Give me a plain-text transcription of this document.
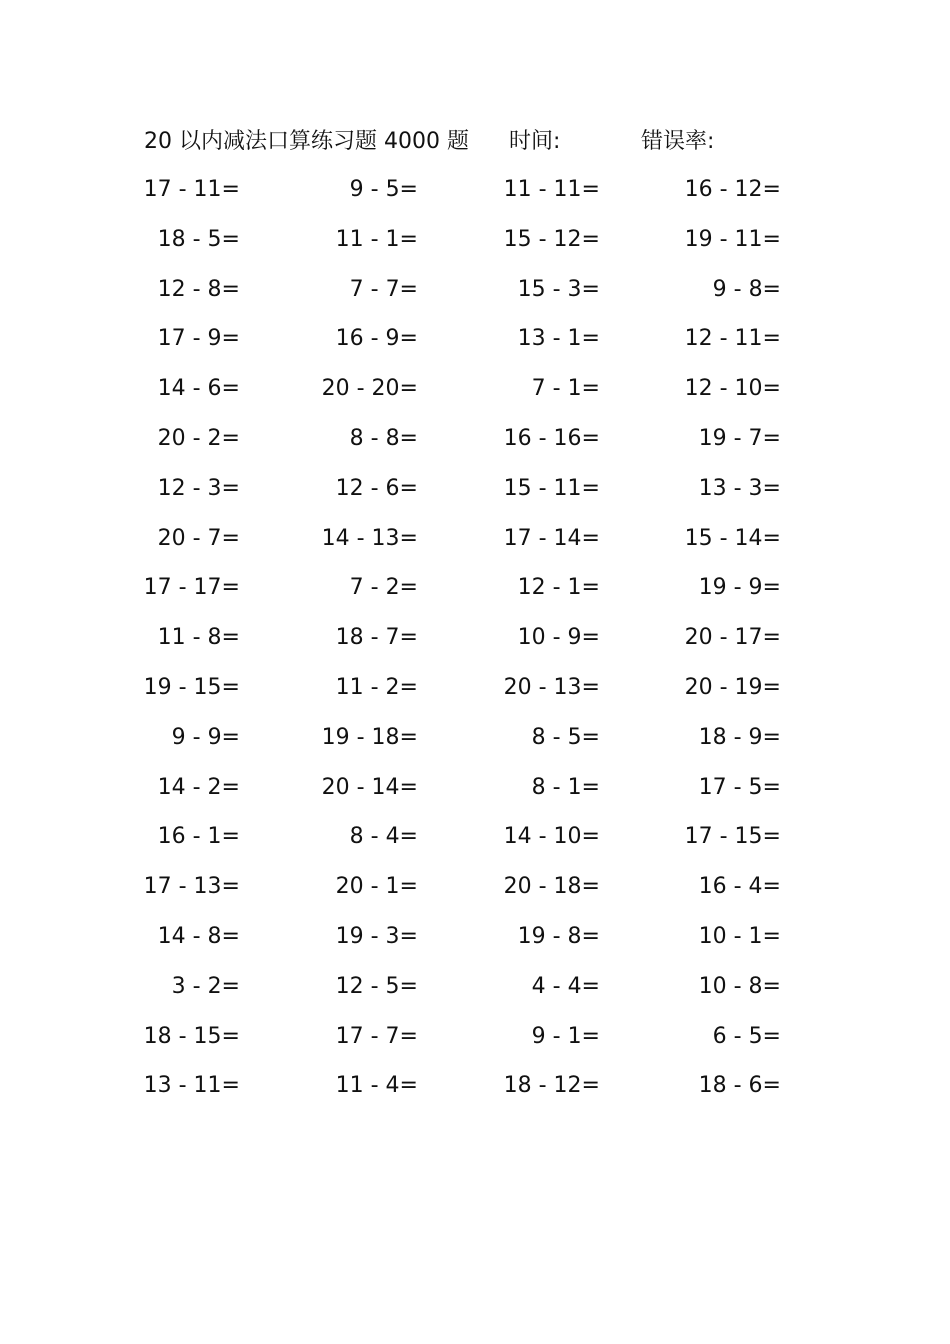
20 以内减法口算练习题 4000 题 时间:	错误率:
17 - 11=	9 - 5=	11 - 11=	16 - 12=
18 - 5=	11 - 1=	15 - 12=	19 - 11=
12 - 8=	7 - 7=	15 - 3=	9 - 8=
17 - 9=	16 - 9=	13 - 1=	12 - 11=
14 - 6=	20 - 20=	7 - 1=	12 - 10=
20 - 2=	8 - 8=	16 - 16=	19 - 7=
12 - 3=	12 - 6=	15 - 11=	13 - 3=
20 - 7=	14 - 13=	17 - 14=	15 - 14=
17 - 17=	7 - 2=	12 - 1=	19 - 9=
11 - 8=	18 - 7=	10 - 9=	20 - 17=
19 - 15=	11 - 2=	20 - 13=	20 - 19=
9 - 9=	19 - 18=	8 - 5=	18 - 9=
14 - 2=	20 - 14=	8 - 1=	17 - 5=
16 - 1=	8 - 4=	14 - 10=	17 - 15=
17 - 13=	20 - 1=	20 - 18=	16 - 4=
14 - 8=	19 - 3=	19 - 8=	10 - 1=
3 - 2=	12 - 5=	4 - 4=	10 - 8=
18 - 15=	17 - 7=	9 - 1=	6 - 5=
13 - 11=	11 - 4=	18 - 12=	18 - 6=
